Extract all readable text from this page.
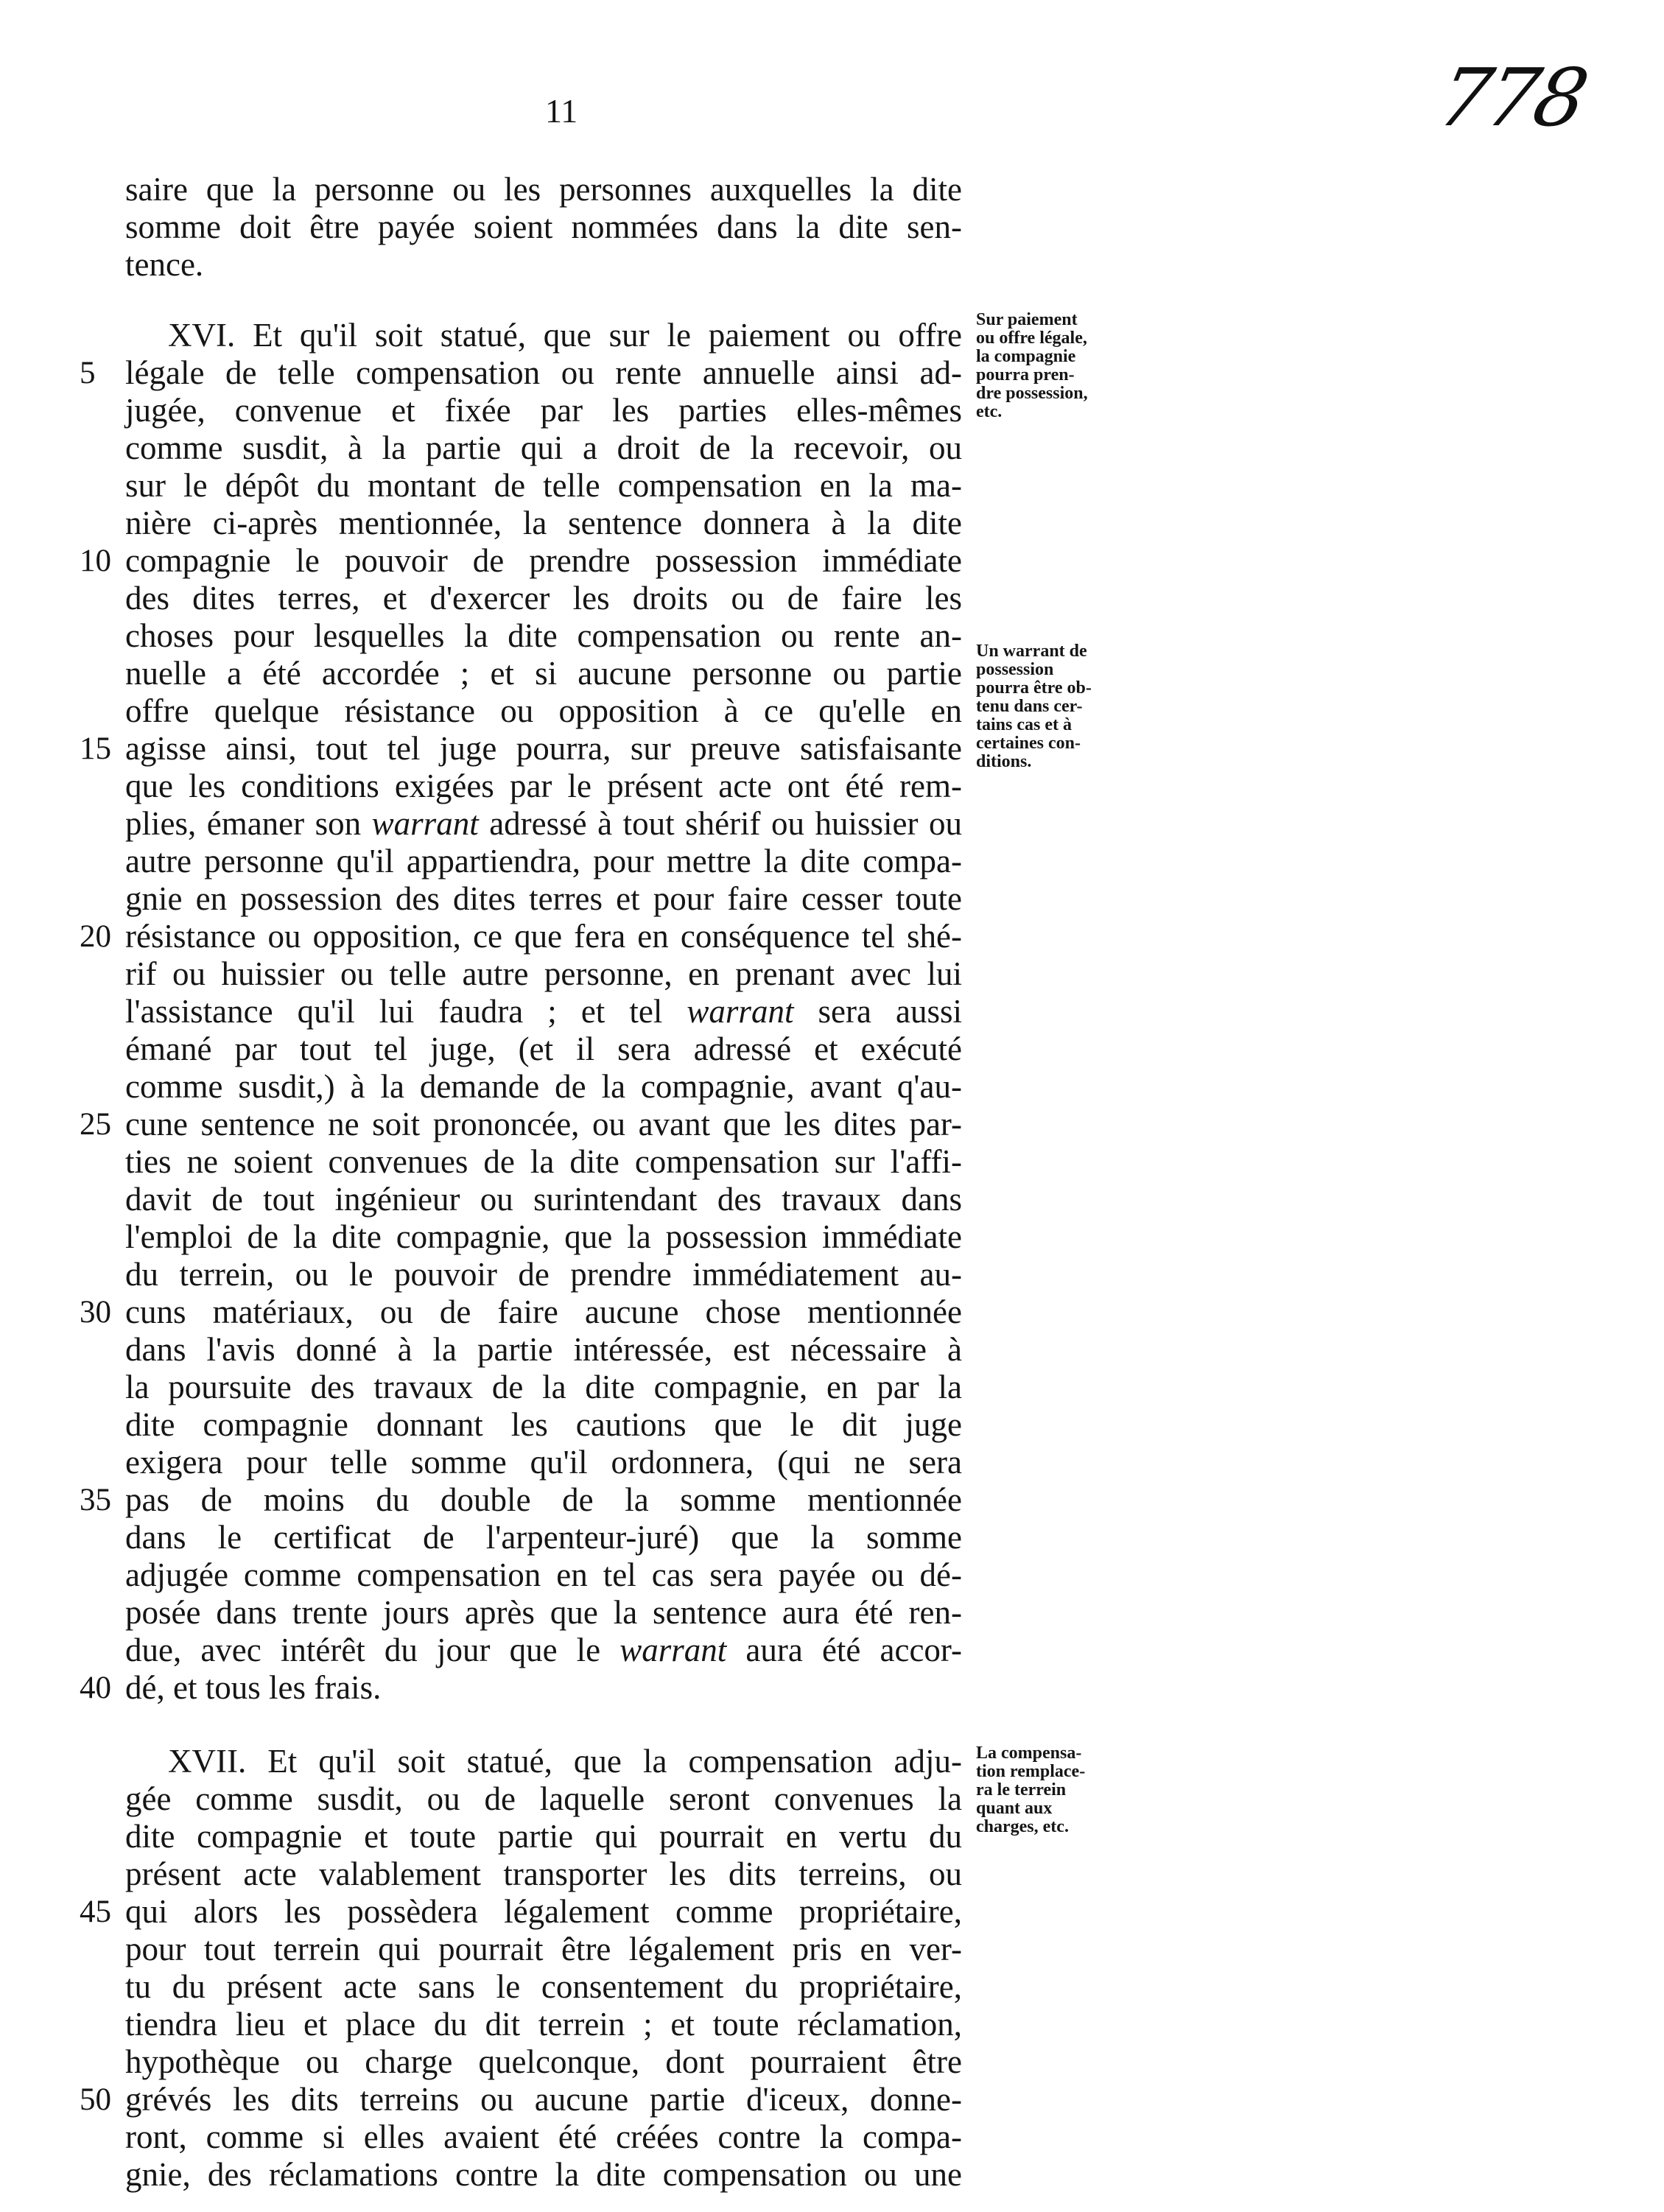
11	778
saire que la personne ou les personnes auxquelles la dite
somme doit être payée soient nommées dans la dite sen-
tence.
XVI. Et qu'il soit statué, que sur le paiement ou offre
légale de telle compensation ou rente annuelle ainsi ad-
jugée, convenue et fixée par les parties elles-mêmes
comme susdit, à la partie qui a droit de la recevoir, ou
sur le dépôt du montant de telle compensation en la ma-
nière ci-après mentionnée, la sentence donnera à la dite
compagnie le pouvoir de prendre possession immédiate
des dites terres, et d'exercer les droits ou de faire les
choses pour lesquelles la dite compensation ou rente an-
nuelle a été accordée ; et si aucune personne ou partie
offre quelque résistance ou opposition à ce qu'elle en
agisse ainsi, tout tel juge pourra, sur preuve satisfaisante
que les conditions exigées par le présent acte ont été rem-
plies, émaner son warrant adressé à tout shérif ou huissier ou
autre personne qu'il appartiendra, pour mettre la dite compa-
gnie en possession des dites terres et pour faire cesser toute
résistance ou opposition, ce que fera en conséquence tel shé-
rif ou huissier ou telle autre personne, en prenant avec lui
l'assistance qu'il lui faudra ; et tel warrant sera aussi
émané par tout tel juge, (et il sera adressé et exécuté
comme susdit,) à la demande de la compagnie, avant q'au-
cune sentence ne soit prononcée, ou avant que les dites par-
ties ne soient convenues de la dite compensation sur l'affi-
davit de tout ingénieur ou surintendant des travaux dans
l'emploi de la dite compagnie, que la possession immédiate
du terrein, ou le pouvoir de prendre immédiatement au-
cuns matériaux, ou de faire aucune chose mentionnée
dans l'avis donné à la partie intéressée, est nécessaire à
la poursuite des travaux de la dite compagnie, en par la
dite compagnie donnant les cautions que le dit juge
exigera pour telle somme qu'il ordonnera, (qui ne sera
pas de moins du double de la somme mentionnée
dans le certificat de l'arpenteur-juré) que la somme
adjugée comme compensation en tel cas sera payée ou dé-
posée dans trente jours après que la sentence aura été ren-
due, avec intérêt du jour que le warrant aura été accor-
dé, et tous les frais.
XVII. Et qu'il soit statué, que la compensation adju-
gée comme susdit, ou de laquelle seront convenues la
dite compagnie et toute partie qui pourrait en vertu du
présent acte valablement transporter les dits terreins, ou
qui alors les possèdera légalement comme propriétaire,
pour tout terrein qui pourrait être légalement pris en ver-
tu du présent acte sans le consentement du propriétaire,
tiendra lieu et place du dit terrein ; et toute réclamation,
hypothèque ou charge quelconque, dont pourraient être
grévés les dits terreins ou aucune partie d'iceux, donne-
ront, comme si elles avaient été créées contre la compa-
gnie, des réclamations contre la dite compensation ou une
5
10
15
20
25
30
35
40
45
50
Sur paiement
ou offre légale,
la compagnie
pourra pren-
dre possession,
etc.
Un warrant de
possession
pourra être ob-
tenu dans cer-
tains cas et à
certaines con-
ditions.
La compensa-
tion remplace-
ra le terrein
quant aux
charges, etc.
